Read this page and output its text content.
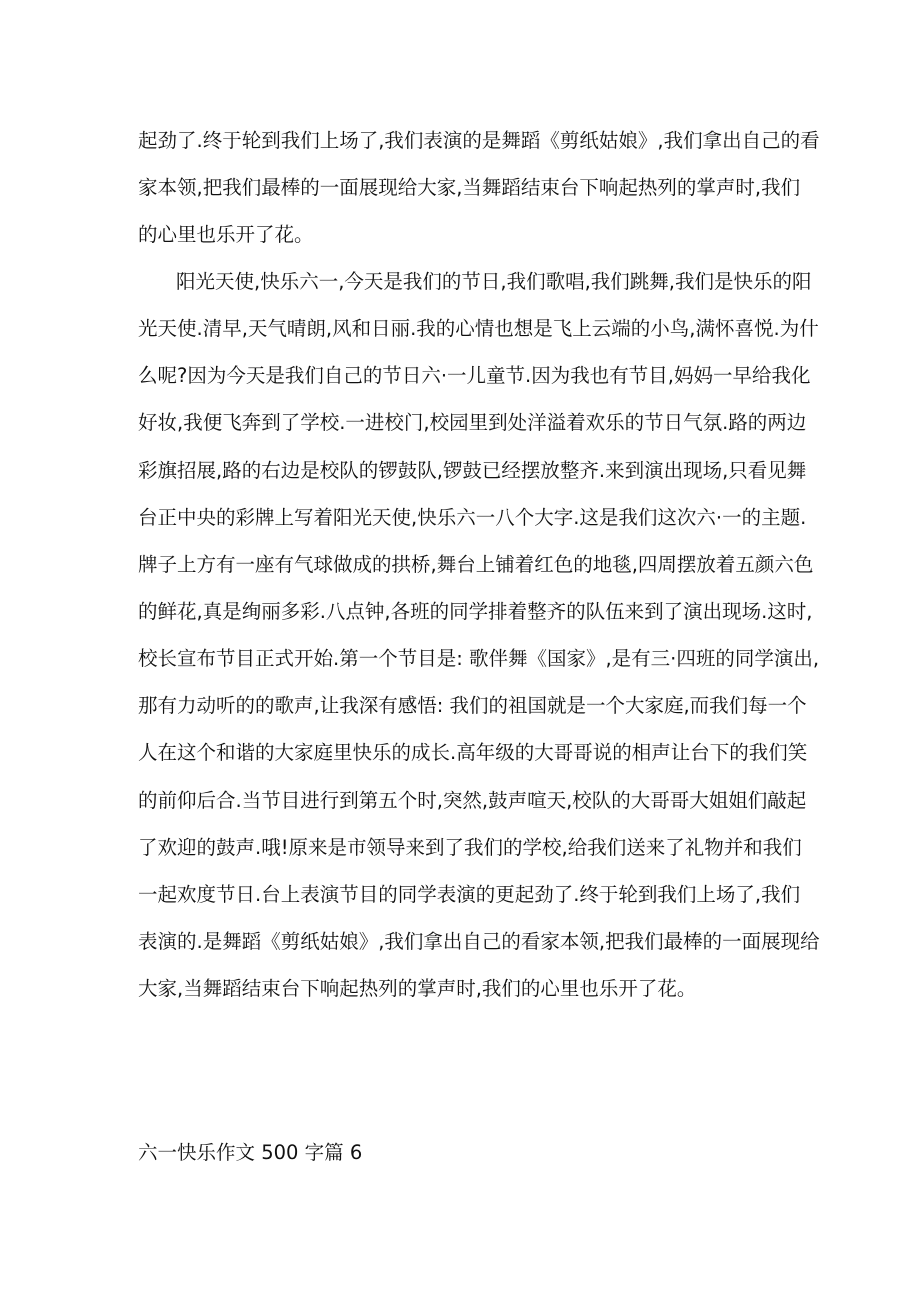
起劲了.终于轮到我们上场了,我们表演的是舞蹈《剪纸姑娘》,我们拿出自己的看
家本领,把我们最棒的一面展现给大家,当舞蹈结束台下响起热列的掌声时,我们
的心里也乐开了花。
阳光天使,快乐六一,今天是我们的节日,我们歌唱,我们跳舞,我们是快乐的阳
光天使.清早,天气晴朗,风和日丽.我的心情也想是飞上云端的小鸟,满怀喜悦.为什
么呢?因为今天是我们自己的节日六·一儿童节.因为我也有节目,妈妈一早给我化
好妆,我便飞奔到了学校.一进校门,校园里到处洋溢着欢乐的节日气氛.路的两边
彩旗招展,路的右边是校队的锣鼓队,锣鼓已经摆放整齐.来到演出现场,只看见舞
台正中央的彩牌上写着阳光天使,快乐六一八个大字.这是我们这次六·一的主题.
牌子上方有一座有气球做成的拱桥,舞台上铺着红色的地毯,四周摆放着五颜六色
的鲜花,真是绚丽多彩.八点钟,各班的同学排着整齐的队伍来到了演出现场.这时,
校长宣布节目正式开始.第一个节目是: 歌伴舞《国家》,是有三·四班的同学演出,
那有力动听的的歌声,让我深有感悟: 我们的祖国就是一个大家庭,而我们每一个
人在这个和谐的大家庭里快乐的成长.高年级的大哥哥说的相声让台下的我们笑
的前仰后合.当节目进行到第五个时,突然,鼓声喧天,校队的大哥哥大姐姐们敲起
了欢迎的鼓声.哦!原来是市领导来到了我们的学校,给我们送来了礼物并和我们
一起欢度节日.台上表演节目的同学表演的更起劲了.终于轮到我们上场了,我们
表演的.是舞蹈《剪纸姑娘》,我们拿出自己的看家本领,把我们最棒的一面展现给
大家,当舞蹈结束台下响起热列的掌声时,我们的心里也乐开了花。
六一快乐作文 500 字篇 6
